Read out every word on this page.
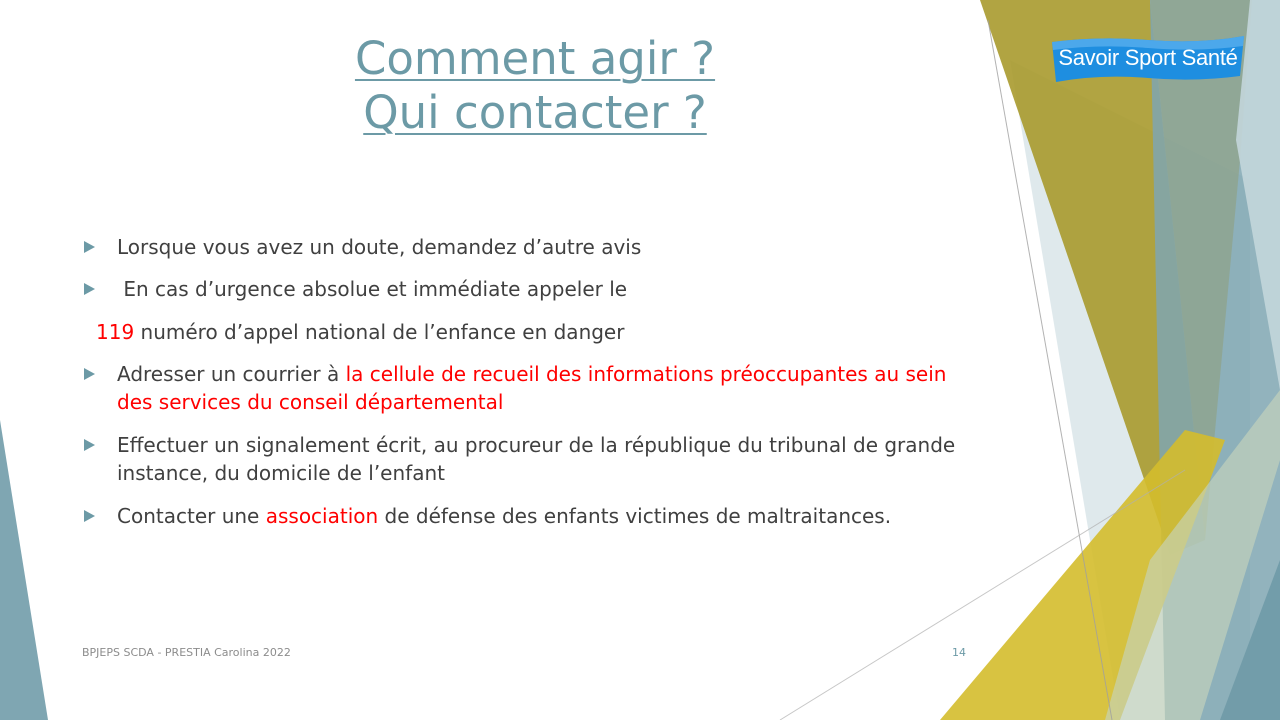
Comment agir ?
Qui contacter ?
Savoir Sport Santé
Lorsque vous avez un doute, demandez d’autre avis
En cas d’urgence absolue et immédiate appeler le
119 numéro d’appel national de l’enfance en danger
Adresser un courrier à la cellule de recueil des informations préoccupantes au sein des services du conseil départemental
Effectuer un signalement écrit, au procureur de la république du tribunal de grande instance, du domicile de l’enfant
Contacter une association de défense des enfants victimes de maltraitances.
BPJEPS SCDA - PRESTIA Carolina 2022	14
